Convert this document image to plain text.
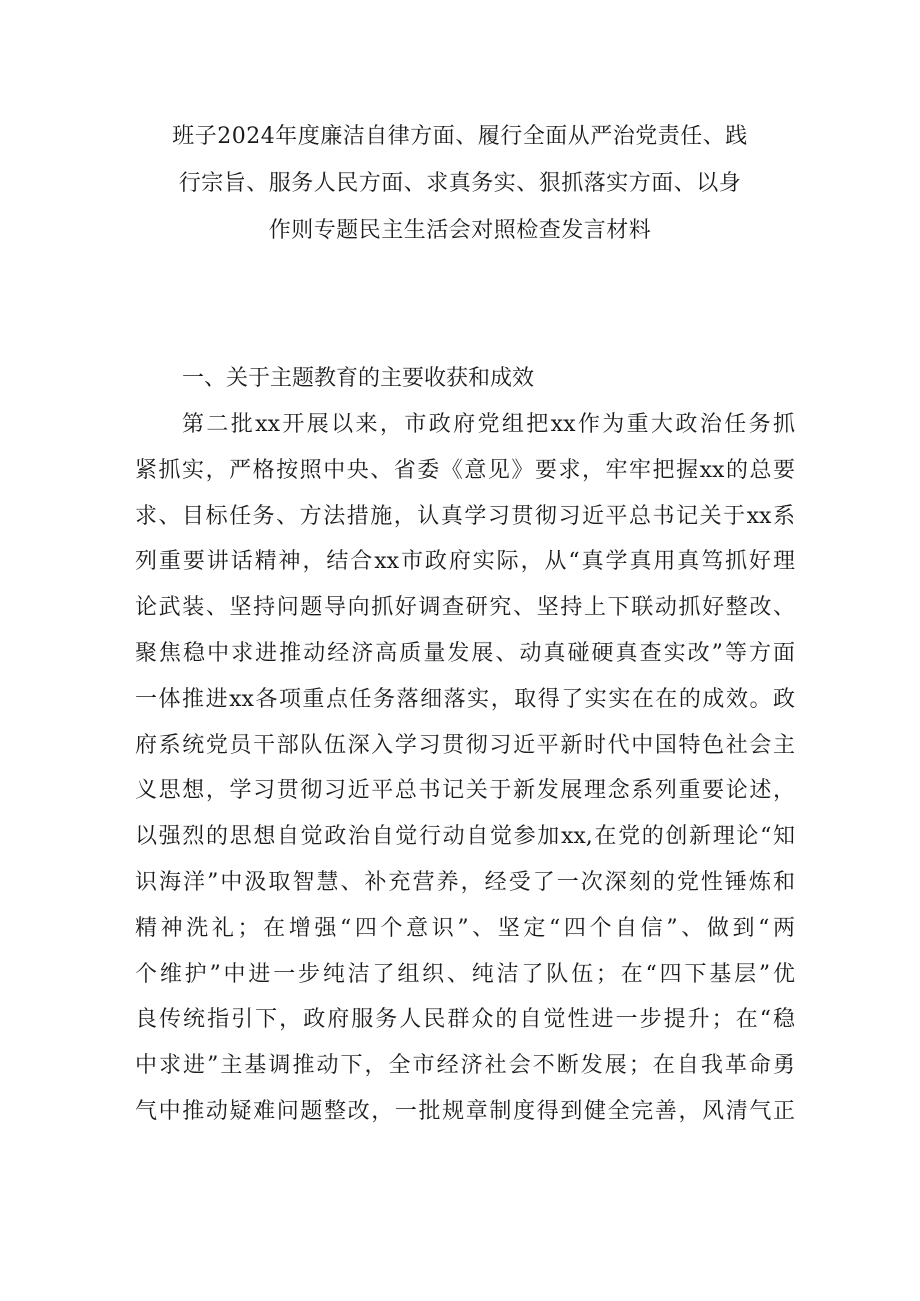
班子2024年度廉洁自律方面、履行全面从严治党责任、践
行宗旨、服务人民方面、求真务实、狠抓落实方面、以身
作则专题民主生活会对照检查发言材料
一、关于主题教育的主要收获和成效
第二批xx开展以来，市政府党组把xx作为重大政治任务抓
紧抓实，严格按照中央、省委《意见》要求，牢牢把握xx的总要
求、目标任务、方法措施，认真学习贯彻习近平总书记关于xx系
列重要讲话精神，结合xx市政府实际，从“真学真用真笃抓好理
论武装、坚持问题导向抓好调查研究、坚持上下联动抓好整改、
聚焦稳中求进推动经济高质量发展、动真碰硬真查实改”等方面
一体推进xx各项重点任务落细落实，取得了实实在在的成效。政
府系统党员干部队伍深入学习贯彻习近平新时代中国特色社会主
义思想，学习贯彻习近平总书记关于新发展理念系列重要论述，
以强烈的思想自觉政治自觉行动自觉参加xx,在党的创新理论“知
识海洋”中汲取智慧、补充营养，经受了一次深刻的党性锤炼和
精神洗礼；在增强“四个意识”、坚定“四个自信”、做到“两
个维护”中进一步纯洁了组织、纯洁了队伍；在“四下基层”优
良传统指引下，政府服务人民群众的自觉性进一步提升；在“稳
中求进”主基调推动下，全市经济社会不断发展；在自我革命勇
气中推动疑难问题整改，一批规章制度得到健全完善，风清气正
